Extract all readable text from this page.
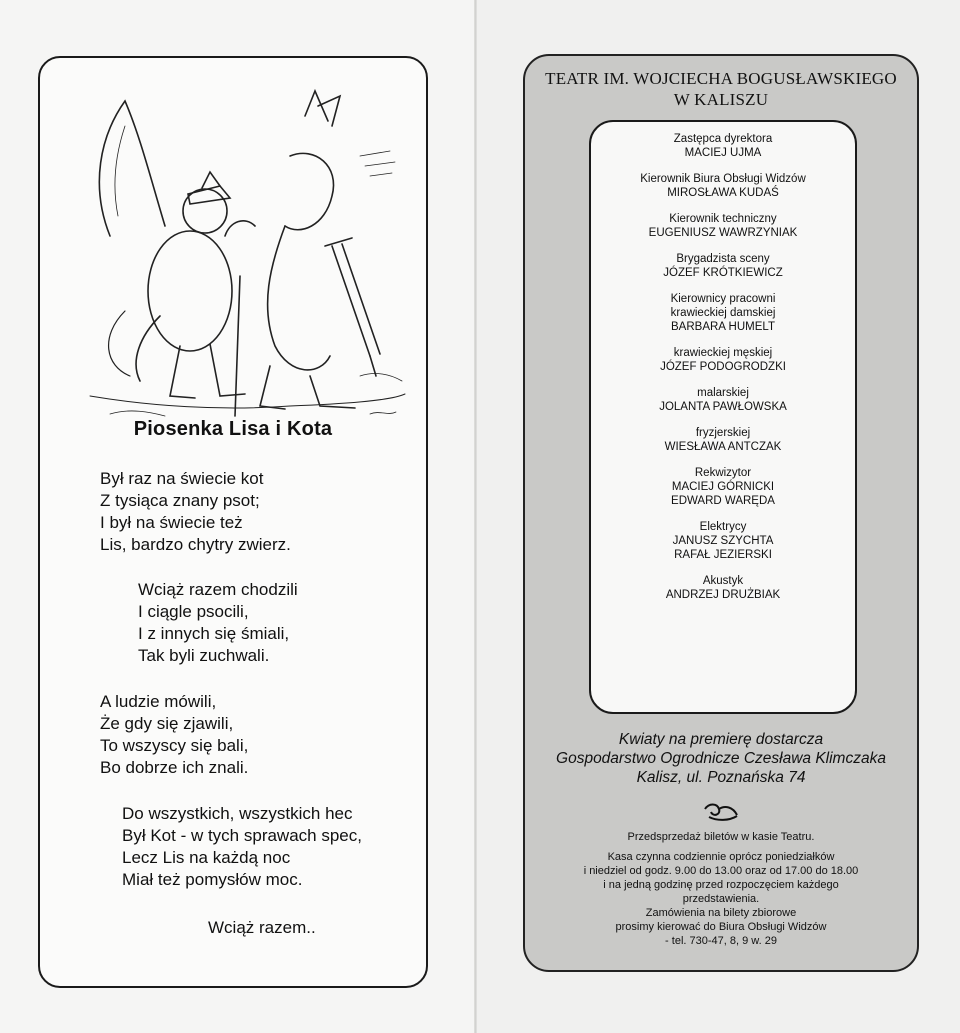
Piosenka Lisa i Kota
Był raz na świecie kot
Z tysiąca znany psot;
I był na świecie też
Lis, bardzo chytry zwierz.
Wciąż razem chodzili
I ciągle psocili,
I z innych się śmiali,
Tak byli zuchwali.
A ludzie mówili,
Że gdy się zjawili,
To wszyscy się bali,
Bo dobrze ich znali.
Do wszystkich, wszystkich hec
Był Kot - w tych sprawach spec,
Lecz Lis na każdą noc
Miał też pomysłów moc.
Wciąż razem..
TEATR IM. WOJCIECHA BOGUSŁAWSKIEGO
W KALISZU
Zastępca dyrektora
MACIEJ UJMA
Kierownik Biura Obsługi Widzów
MIROSŁAWA KUDAŚ
Kierownik techniczny
EUGENIUSZ WAWRZYNIAK
Brygadzista sceny
JÓZEF KRÓTKIEWICZ
Kierownicy pracowni
krawieckiej damskiej
BARBARA HUMELT
krawieckiej męskiej
JÓZEF PODOGRODZKI
malarskiej
JOLANTA PAWŁOWSKA
fryzjerskiej
WIESŁAWA ANTCZAK
Rekwizytor
MACIEJ GÓRNICKI
EDWARD WARĘDA
Elektrycy
JANUSZ SZYCHTA
RAFAŁ JEZIERSKI
Akustyk
ANDRZEJ DRUŻBIAK
Kwiaty na premierę dostarcza
Gospodarstwo Ogrodnicze Czesława Klimczaka
Kalisz, ul. Poznańska 74
Przedsprzedaż biletów w kasie Teatru.
Kasa czynna codziennie oprócz poniedziałków
i niedziel od godz. 9.00 do 13.00 oraz od 17.00 do 18.00
i na jedną godzinę przed rozpoczęciem każdego
przedstawienia.
Zamówienia na bilety zbiorowe
prosimy kierować do Biura Obsługi Widzów
- tel. 730-47, 8, 9 w. 29
